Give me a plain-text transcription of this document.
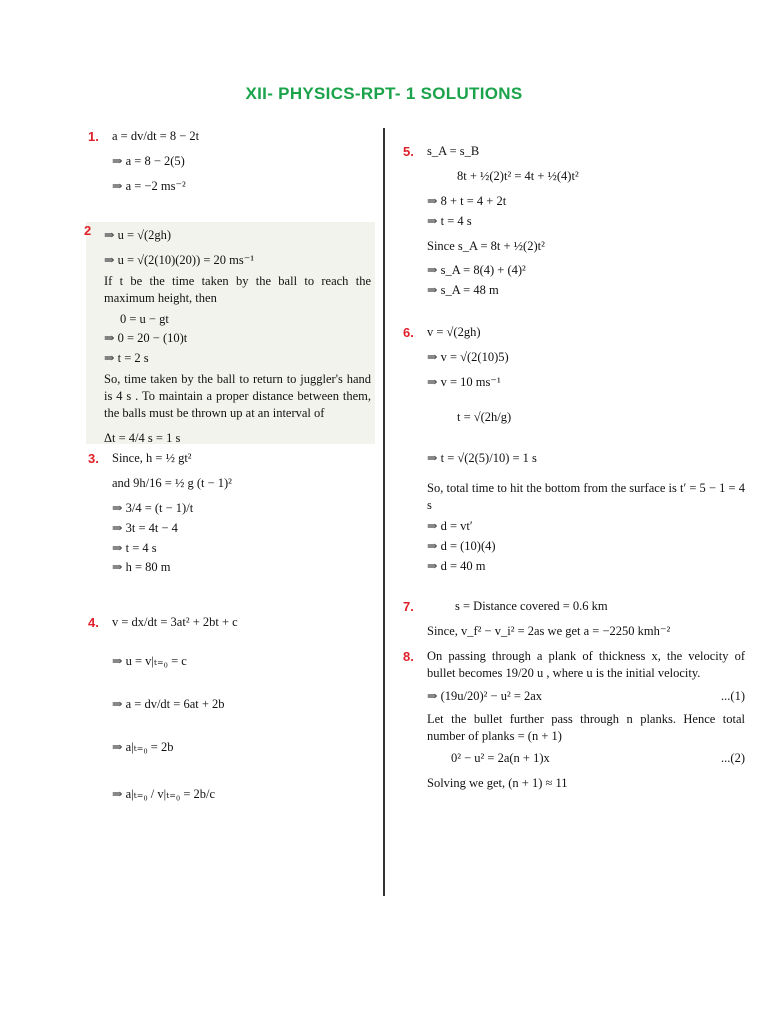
XII- PHYSICS-RPT- 1 SOLUTIONS
1. a = dv/dt = 8 − 2t
⇒ a = 8 − 2(5)
⇒ a = −2 ms⁻²
2 ⇒ u = √(2gh)
⇒ u = √(2(10)(20)) = 20 ms⁻¹
If t be the time taken by the ball to reach the maximum height, then
0 = u − gt
⇒ 0 = 20 − (10)t
⇒ t = 2 s
So, time taken by the ball to return to juggler's hand is 4 s . To maintain a proper distance between them, the balls must be thrown up at an interval of
Δt = 4/4 s = 1 s
3. Since, h = ½ gt²
and 9h/16 = ½ g (t − 1)²
⇒ 3/4 = (t − 1)/t
⇒ 3t = 4t − 4
⇒ t = 4 s
⇒ h = 80 m
4. v = dx/dt = 3at² + 2bt + c
⇒ u = v|ₜ₌₀ = c
⇒ a = dv/dt = 6at + 2b
⇒ a|ₜ₌₀ = 2b
⇒ a|ₜ₌₀ / v|ₜ₌₀ = 2b/c
5. s_A = s_B
8t + ½(2)t² = 4t + ½(4)t²
⇒ 8 + t = 4 + 2t
⇒ t = 4 s
Since s_A = 8t + ½(2)t²
⇒ s_A = 8(4) + (4)²
⇒ s_A = 48 m
6. v = √(2gh)
⇒ v = √(2(10)5)
⇒ v = 10 ms⁻¹
t = √(2h/g)
⇒ t = √(2(5)/10) = 1 s
So, total time to hit the bottom from the surface is t′ = 5 − 1 = 4 s
⇒ d = vt′
⇒ d = (10)(4)
⇒ d = 40 m
7.	s = Distance covered = 0.6 km
Since, v_f² − v_i² = 2as we get a = −2250 kmh⁻²
8. On passing through a plank of thickness x, the velocity of bullet becomes 19/20 u , where u is the initial velocity.
⇒ (19u/20)² − u² = 2ax	...(1)
Let the bullet further pass through n planks. Hence total number of planks = (n + 1)
0² − u² = 2a(n + 1)x	...(2)
Solving we get, (n + 1) ≈ 11
